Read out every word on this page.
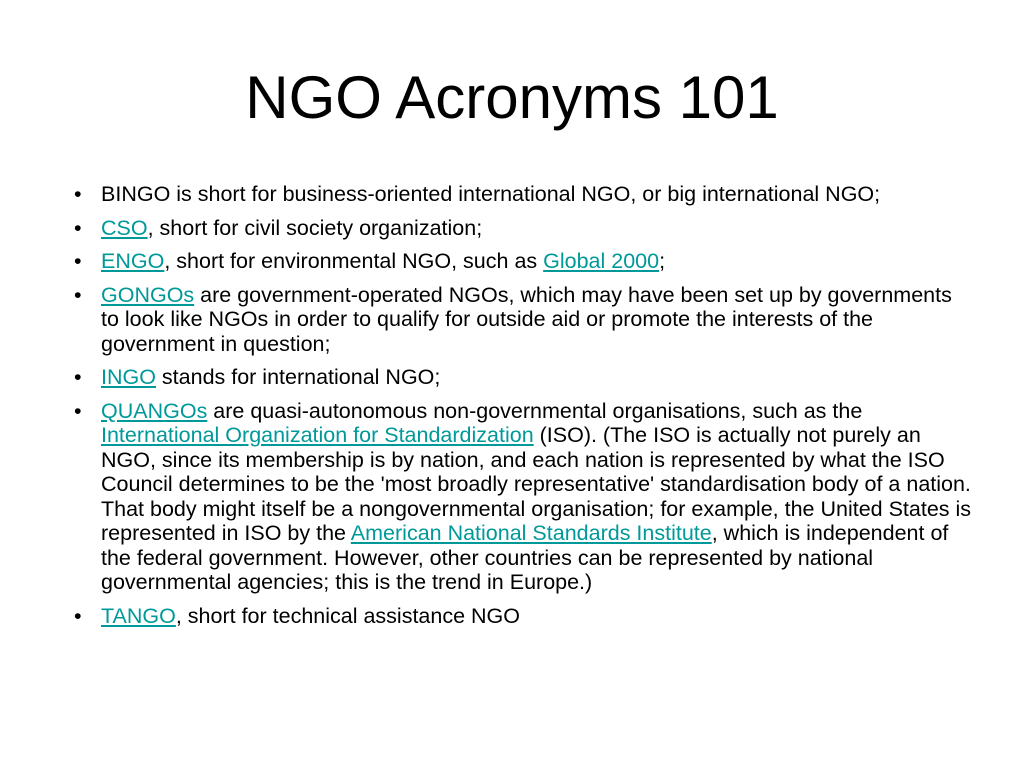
NGO Acronyms 101
• BINGO is short for business-oriented international NGO, or big international NGO;
• CSO, short for civil society organization;
• ENGO, short for environmental NGO, such as Global 2000;
• GONGOs are government-operated NGOs, which may have been set up by governments to look like NGOs in order to qualify for outside aid or promote the interests of the government in question;
• INGO stands for international NGO;
• QUANGOs are quasi-autonomous non-governmental organisations, such as the International Organization for Standardization (ISO). (The ISO is actually not purely an NGO, since its membership is by nation, and each nation is represented by what the ISO Council determines to be the 'most broadly representative' standardisation body of a nation. That body might itself be a nongovernmental organisation; for example, the United States is represented in ISO by the American National Standards Institute, which is independent of the federal government. However, other countries can be represented by national governmental agencies; this is the trend in Europe.)
• TANGO, short for technical assistance NGO
